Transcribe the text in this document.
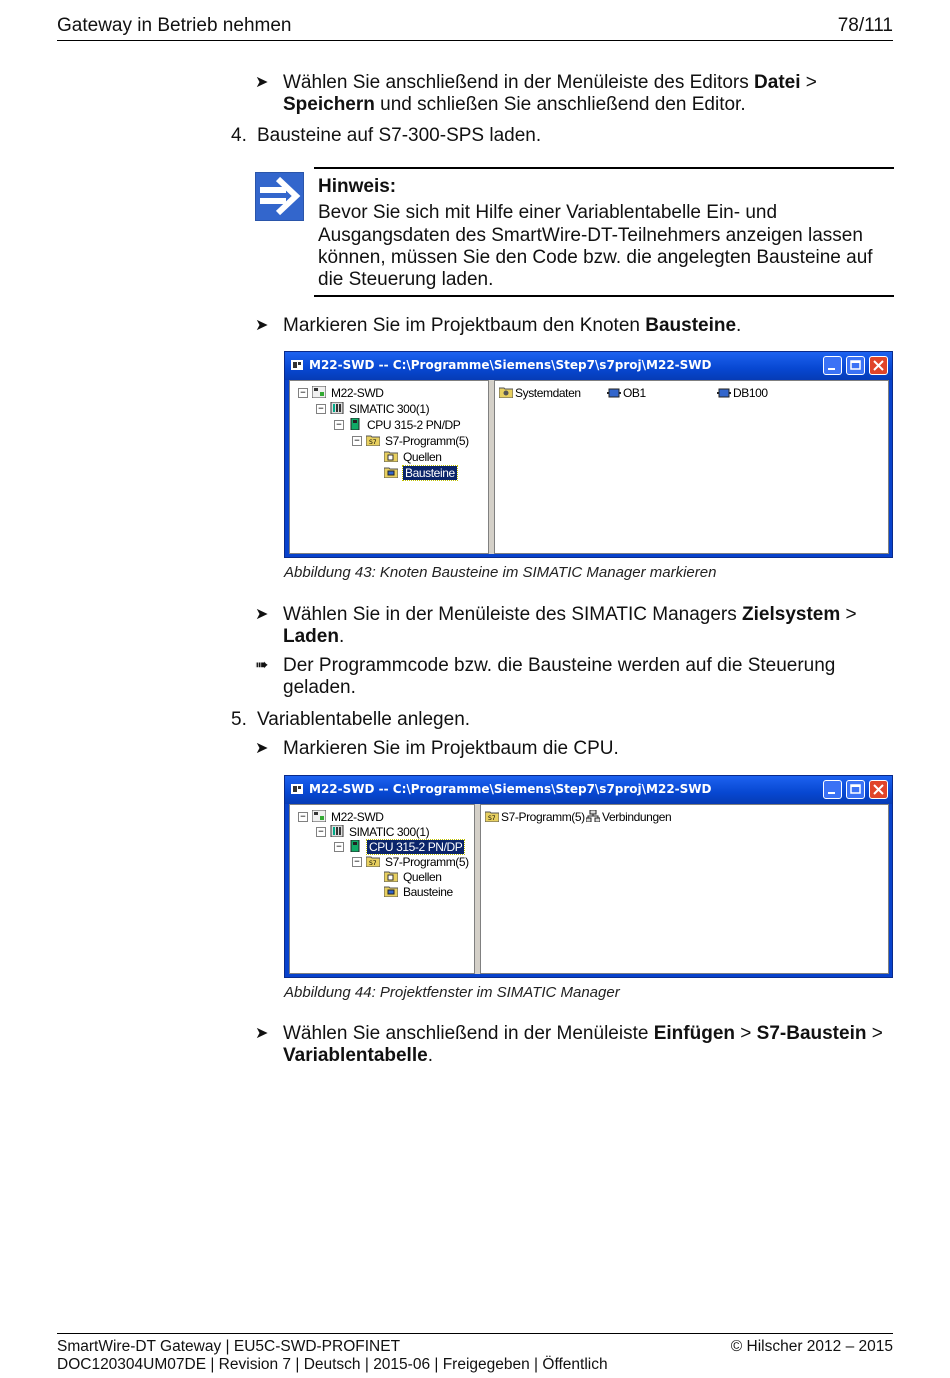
Gateway in Betrieb nehmen	78/111
➤ Wählen Sie anschließend in der Menüleiste des Editors Datei >
Speichern und schließen Sie anschließend den Editor.
4. Bausteine auf S7-300-SPS laden.
Hinweis:
Bevor Sie sich mit Hilfe einer Variablentabelle Ein- und
Ausgangsdaten des SmartWire-DT-Teilnehmers anzeigen lassen
können, müssen Sie den Code bzw. die angelegten Bausteine auf
die Steuerung laden.
➤ Markieren Sie im Projektbaum den Knoten Bausteine.
M22-SWD -- C:\Programme\Siemens\Step7\s7proj\M22-SWD
− M22-SWD
− SIMATIC 300(1)
− CPU 315-2 PN/DP
−	S7 S7-Programm(5)
Quellen
Bausteine
Systemdaten	OB1	DB100
Abbildung 43: Knoten Bausteine im SIMATIC Manager markieren
➤ Wählen Sie in der Menüleiste des SIMATIC Managers Zielsystem >
Laden.
➠ Der Programmcode bzw. die Bausteine werden auf die Steuerung
geladen.
5. Variablentabelle anlegen.
➤ Markieren Sie im Projektbaum die CPU.
M22-SWD -- C:\Programme\Siemens\Step7\s7proj\M22-SWD
− M22-SWD
− SIMATIC 300(1)
− CPU 315-2 PN/DP
−	S7 S7-Programm(5)
Quellen
Bausteine
S7 S7-Programm(5) Verbindungen
Abbildung 44: Projektfenster im SIMATIC Manager
➤ Wählen Sie anschließend in der Menüleiste Einfügen > S7-Baustein >
Variablentabelle.
SmartWire-DT Gateway | EU5C-SWD-PROFINET
DOC120304UM07DE | Revision 7 | Deutsch | 2015-06 | Freigegeben | Öffentlich
© Hilscher 2012 – 2015
